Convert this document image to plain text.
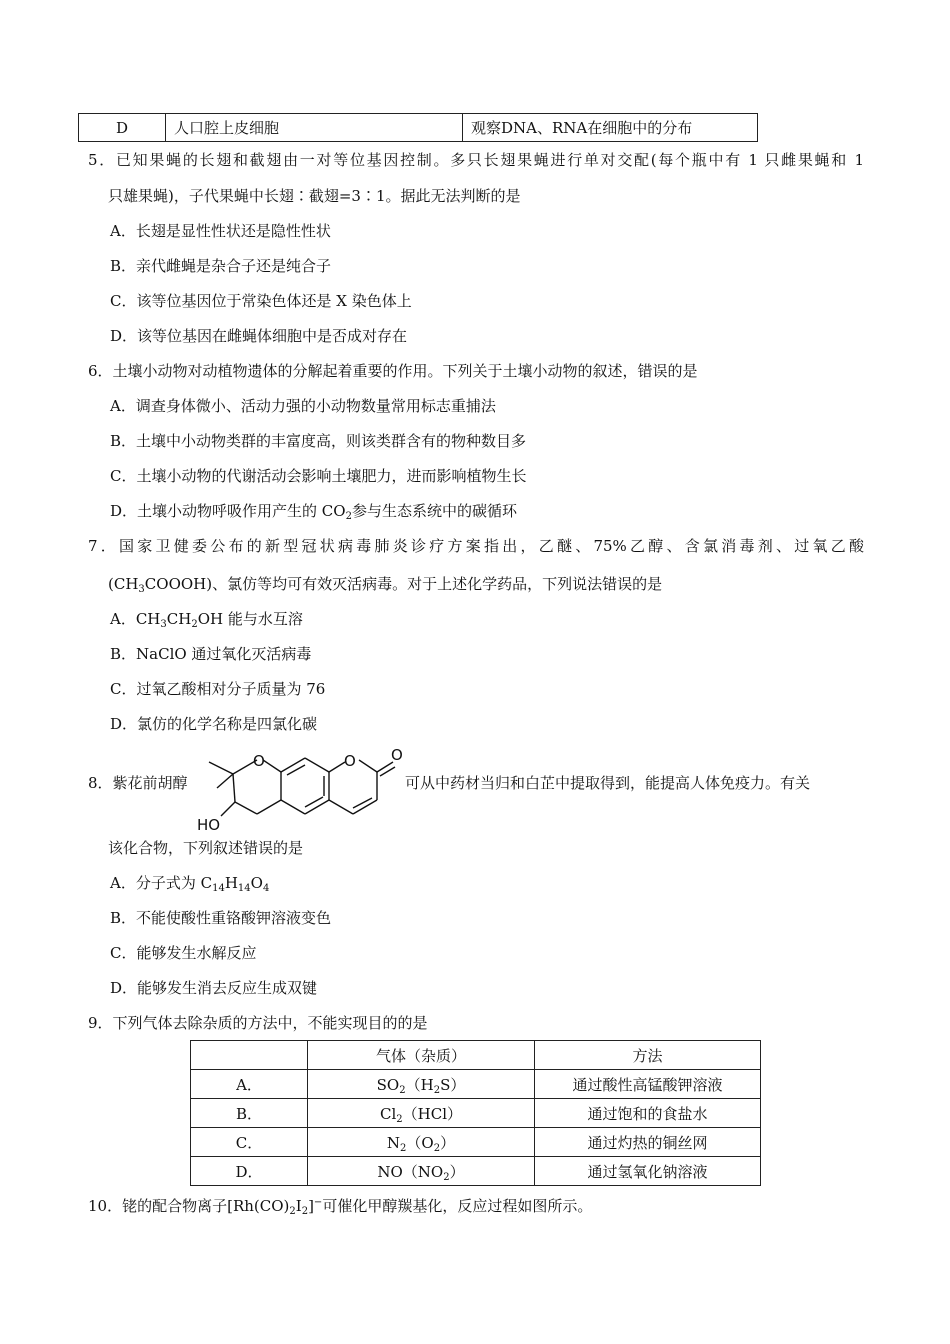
D	人口腔上皮细胞	观察DNA、RNA在细胞中的分布
5．已知果蝇的长翅和截翅由一对等位基因控制。多只长翅果蝇进行单对交配(每个瓶中有 1 只雌果蝇和 1
只雄果蝇)，子代果蝇中长翅∶截翅=3∶1。据此无法判断的是
A．长翅是显性性状还是隐性性状
B．亲代雌蝇是杂合子还是纯合子
C．该等位基因位于常染色体还是 X 染色体上
D．该等位基因在雌蝇体细胞中是否成对存在
6．土壤小动物对动植物遗体的分解起着重要的作用。下列关于土壤小动物的叙述，错误的是
A．调查身体微小、活动力强的小动物数量常用标志重捕法
B．土壤中小动物类群的丰富度高，则该类群含有的物种数目多
C．土壤小动物的代谢活动会影响土壤肥力，进而影响植物生长
D．土壤小动物呼吸作用产生的 $CO_2$参与生态系统中的碳循环
7．国家卫健委公布的新型冠状病毒肺炎诊疗方案指出，乙醚、75%乙醇、含氯消毒剂、过氧乙酸
$(CH_3COOOH)$、氯仿等均可有效灭活病毒。对于上述化学药品，下列说法错误的是
A．$CH_3CH_2OH$ 能与水互溶
B．NaClO 通过氧化灭活病毒
C．过氧乙酸相对分子质量为 76
D．氯仿的化学名称是四氯化碳
8．紫花前胡醇
O	O O
HO
可从中药材当归和白芷中提取得到，能提高人体免疫力。有关
该化合物，下列叙述错误的是
A．分子式为 $C_{14}H_{14}O_4$
B．不能使酸性重铬酸钾溶液变色
C．能够发生水解反应
D．能够发生消去反应生成双键
9．下列气体去除杂质的方法中，不能实现目的的是
	气体（杂质）	方法
A．	$SO_2(H_2S)$	通过酸性高锰酸钾溶液
B．	$Cl_2(HCl)$	通过饱和的食盐水
C．	$N_2(O_2)$	通过灼热的铜丝网
D．	$NO(NO_2)$	通过氢氧化钠溶液
10．铑的配合物离子$[Rh(CO)_2I_2]^-$可催化甲醇羰基化，反应过程如图所示。
